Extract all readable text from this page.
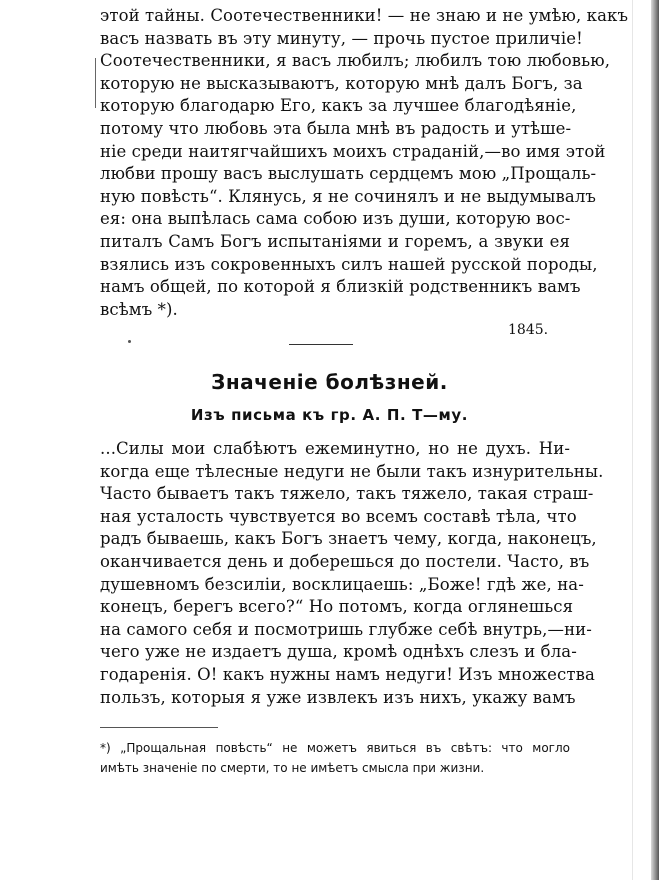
этой тайны. Соотечественники! — не знаю и не умѣю, какъ
васъ назвать въ эту минуту, — прочь пустое приличіе!
Соотечественники, я васъ любилъ; любилъ тою любовью,
которую не высказываютъ, которую мнѣ далъ Богъ, за
которую благодарю Его, какъ за лучшее благодѣяніе,
потому что любовь эта была мнѣ въ радость и утѣше-
ніе среди наитягчайшихъ моихъ страданій,—во имя этой
любви прошу васъ выслушать сердцемъ мою „Прощаль-
ную повѣсть“. Клянусь, я не сочинялъ и не выдумывалъ
ея: она выпѣлась сама собою изъ души, которую вос-
питалъ Самъ Богъ испытаніями и горемъ, а звуки ея
взялись изъ сокровенныхъ силъ нашей русской породы,
намъ общей, по которой я близкій родственникъ вамъ
всѣмъ *).
1845.
Значеніе болѣзней.
Изъ письма къ гр. А. П. Т—му.
...Силы мои слабѣютъ ежеминутно, но не духъ. Ни-
когда еще тѣлесные недуги не были такъ изнурительны.
Часто бываетъ такъ тяжело, такъ тяжело, такая страш-
ная усталость чувствуется во всемъ составѣ тѣла, что
радъ бываешь, какъ Богъ знаетъ чему, когда, наконецъ,
оканчивается день и доберешься до постели. Часто, въ
душевномъ безсиліи, восклицаешь: „Боже! гдѣ же, на-
конецъ, берегъ всего?“ Но потомъ, когда оглянешься
на самого себя и посмотришь глубже себѣ внутрь,—ни-
чего уже не издаетъ душа, кромѣ однѣхъ слезъ и бла-
годаренія. О! какъ нужны намъ недуги! Изъ множества
пользъ, которыя я уже извлекъ изъ нихъ, укажу вамъ
*) „Прощальная повѣсть“ не можетъ явиться въ свѣтъ: что могло
имѣть значеніе по смерти, то не имѣетъ смысла при жизни.
